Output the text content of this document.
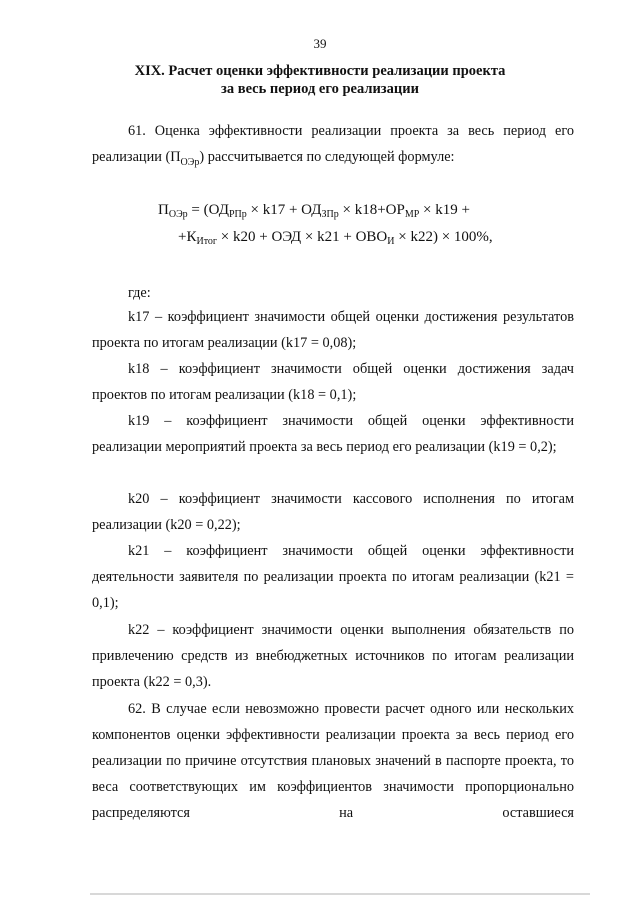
39
XIX. Расчет оценки эффективности реализации проекта
за весь период его реализации
61. Оценка эффективности реализации проекта за весь период его реализации $(П_{ОЭр})$ рассчитывается по следующей формуле:
$П_{ОЭр} = (ОД_{РПр} \times k17 + ОД_{ЗПр} \times k18+ОР_{МР} \times k19$ +
$+К_{Итог} \times k20$ + ОЭД × $k21 + ОВО_И \times k22) \times 100\%$,
где:
k17 – коэффициент значимости общей оценки достижения результатов проекта по итогам реализации (k17 = 0,08);
k18 – коэффициент значимости общей оценки достижения задач проектов по итогам реализации (k18 = 0,1);
k19 – коэффициент значимости общей оценки эффективности реализации мероприятий проекта за весь период его реализации (k19 = 0,2);
k20 – коэффициент значимости кассового исполнения по итогам реализации (k20 = 0,22);
k21 – коэффициент значимости общей оценки эффективности деятельности заявителя по реализации проекта по итогам реализации (k21 = 0,1);
k22 – коэффициент значимости оценки выполнения обязательств по привлечению средств из внебюджетных источников по итогам реализации проекта (k22 = 0,3).
62. В случае если невозможно провести расчет одного или нескольких компонентов оценки эффективности реализации проекта за весь период его реализации по причине отсутствия плановых значений в паспорте проекта, то веса соответствующих им коэффициентов значимости пропорционально распределяются на оставшиеся
